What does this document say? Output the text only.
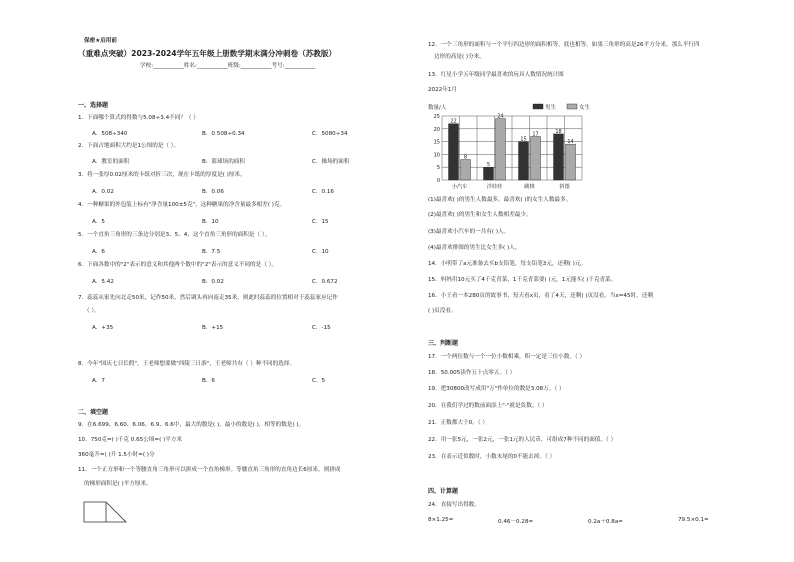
保密★启用前
（重难点突破）2023-2024学年五年级上册数学期末满分冲刺卷（苏教版）
学校:___________姓名:___________班级:___________考号:___________
一、选择题
1．下面哪个算式的得数与5.08÷3.4不同？（ ）
A．508÷340	B．0.508÷0.34	C．5080÷34
2．下面占地面积大约是1公顷的是（ ）。
A．教室的面积	B．篮球场的面积	C．操场的面积
3．将一张厚0.02厘米的卡纸对折三次，现在卡纸的厚度是( )厘米。
A．0.02	B．0.06	C．0.16
4．一种糖果的外包装上标有"净含量100±5克"，这种糖果的净含量最多相差( )克。
A．5	B．10	C．15
5．一个直角三角形的三条边分别是3、5、4，这个直角三角形的面积是（ ）。
A．6	B．7.5	C．10
6．下面各数中的"2"表示的意义和其他两个数中的"2"表示的意义不同的是（ ）。
A．5.42	B．0.02	C．0.672
7．蕊蕊从家先向北走50米，记作50米，然后调头再向南走35米，则此时蕊蕊的位置相对于蕊蕊家应记作
（ ）。
A．+35	B．+15	C．-15
8．今年"国庆七日长假"，王老师想要做"西陵三日游"，王老师共有（ ）种不同的选择。
A．7	B．6	C．5
二、填空题
9．在6.699、6.60、6.06、6.9、6.6中，最大的数是( )，最小的数是( )，相等的数是( )。
10．750克=( )千克 0.65公顷=( )平方米
360毫升=( )升 1.5小时=( )分
11．一个正方形和一个等腰直角三角形可以拼成一个直角梯形。等腰直角三角形的直角边长6厘米，则拼成
的梯形面积是( )平方厘米。
12．一个三角形的面积与一个平行四边形的面积相等，底也相等。如果三角形的高是26平方分米，那么平行四
边形的高是( )分米。
13．红星小学五年级同学最喜欢的玩具人数情况统计图
2022年1月
数量/人
0
5
10
15
20
25
22
8
小汽车
5
24
洋娃娃
15
17
跳棋
18
14
拼图
男生	女生
(1)最喜欢( )的男生人数最多，最喜欢( )的女生人数最多。
(2)最喜欢( )的男生和女生人数相差最少。
(3)最喜欢小汽车的一共有( )人。
(4)最喜欢排图的男生比女生多( )人。
14．小明带了a元准备去买b支铅笔，每支铅笔3元，还剩( )元。
15．妈妈用10元买了4千克青菜，1千克青菜要( )元，1元能买( )千克青菜。
16．小王看一本280页的故事书，每天看x页，看了4天，还剩( )页没看。当x=45时，还剩
( )页没看。
三、判断题
17．一个两位数与一个一位小数相乘，积一定是三位小数。（ ）
18．50.005读作五十点零五。（ ）
19．把30800改写成用"万"作单位的数是3.08万。（ ）
20．在我们学过的数前面添上"-"就是负数。（ ）
21．正数都大于0。（ ）
22．用一张5元，一张2元，一张1元的人民币，可组成7种不同的面值。（ ）
23．在表示近似数时，小数末尾的0不能去掉。（ ）
四、计算题
24．直接写出得数。
8×1.25=	0.46－0.28=	0.2a＋0.8a=	79.5×0.1=
